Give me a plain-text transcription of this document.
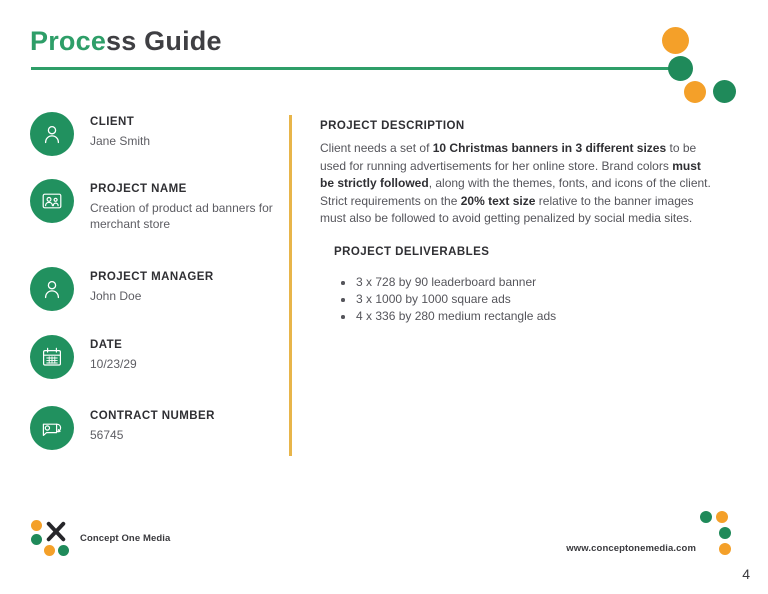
Process Guide
CLIENT
Jane Smith
PROJECT NAME
Creation of product ad banners for merchant store
PROJECT MANAGER
John Doe
DATE
10/23/29
CONTRACT NUMBER
56745
PROJECT DESCRIPTION
Client needs a set of 10 Christmas banners in 3 different sizes to be used for running advertisements for her online store. Brand colors must be strictly followed, along with the themes, fonts, and icons of the client. Strict requirements on the 20% text size relative to the banner images must also be followed to avoid getting penalized by social media sites.
PROJECT DELIVERABLES
3 x 728 by 90 leaderboard banner
3 x 1000 by 1000 square ads
4 x 336 by 280 medium rectangle ads
Concept One Media
www.conceptonemedia.com
4
